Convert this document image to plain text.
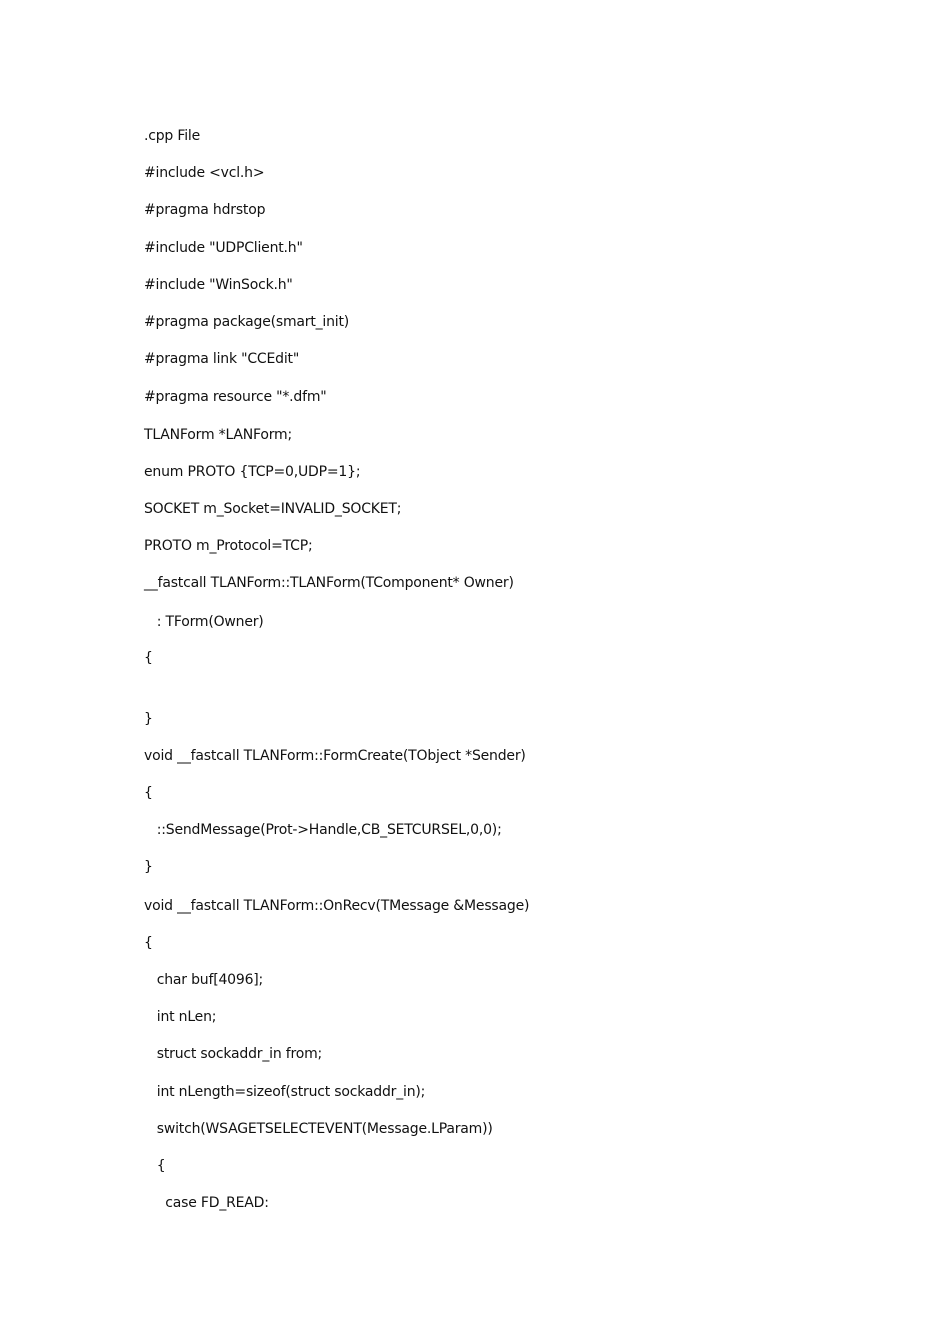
.cpp File
#include <vcl.h>
#pragma hdrstop
#include "UDPClient.h"
#include "WinSock.h"
#pragma package(smart_init)
#pragma link "CCEdit"
#pragma resource "*.dfm"
TLANForm *LANForm;
enum PROTO {TCP=0,UDP=1};
SOCKET m_Socket=INVALID_SOCKET;
PROTO m_Protocol=TCP;
__fastcall TLANForm::TLANForm(TComponent* Owner)
: TForm(Owner)
{
}
void __fastcall TLANForm::FormCreate(TObject *Sender)
{
::SendMessage(Prot->Handle,CB_SETCURSEL,0,0);
}
void __fastcall TLANForm::OnRecv(TMessage &Message)
{
char buf[4096];
int nLen;
struct sockaddr_in from;
int nLength=sizeof(struct sockaddr_in);
switch(WSAGETSELECTEVENT(Message.LParam))
{
case FD_READ:
